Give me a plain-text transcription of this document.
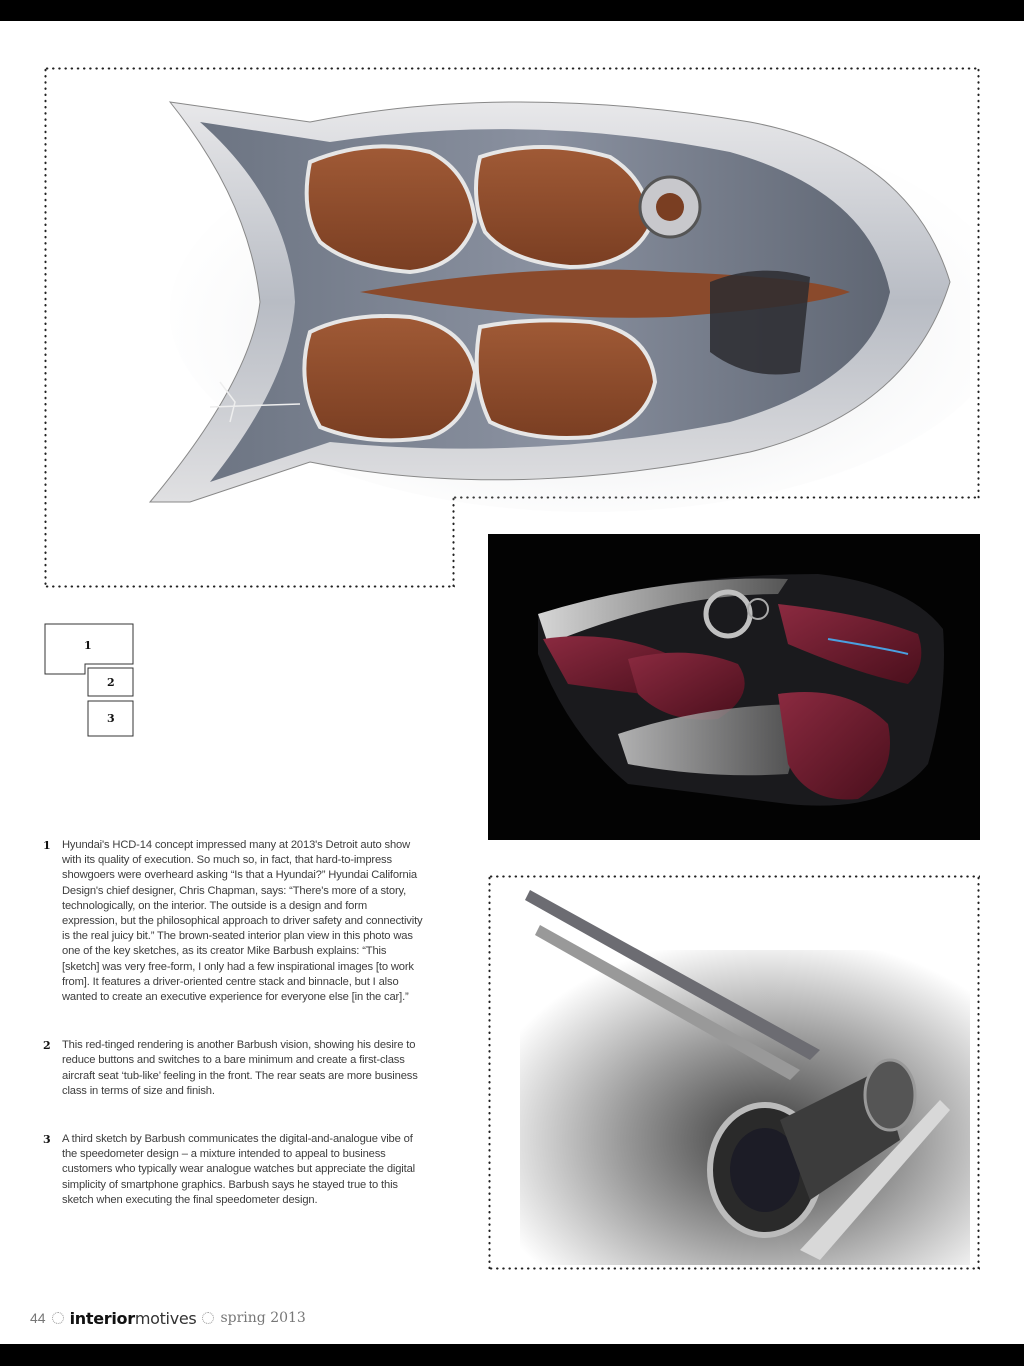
1
2
3
1 Hyundai's HCD-14 concept impressed many at 2013's Detroit auto show with its quality of execution. So much so, in fact, that hard-to-impress showgoers were overheard asking “Is that a Hyundai?” Hyundai California Design's chief designer, Chris Chapman, says: “There's more of a story, technologically, on the interior. The outside is a design and form expression, but the philosophical approach to driver safety and connectivity is the real juicy bit.” The brown-seated interior plan view in this photo was one of the key sketches, as its creator Mike Barbush explains: “This [sketch] was very free-form, I only had a few inspirational images [to work from]. It features a driver-oriented centre stack and binnacle, but I also wanted to create an executive experience for everyone else [in the car].”

2 This red-tinged rendering is another Barbush vision, showing his desire to reduce buttons and switches to a bare minimum and create a first-class aircraft seat ‘tub-like’ feeling in the front. The rear seats are more business class in terms of size and finish.

3 A third sketch by Barbush communicates the digital-and-analogue vibe of the speedometer design – a mixture intended to appeal to business customers who typically wear analogue watches but appreciate the digital simplicity of smartphone graphics. Barbush says he stayed true to this sketch when executing the final speedometer design.

44 interior motives spring 2013
